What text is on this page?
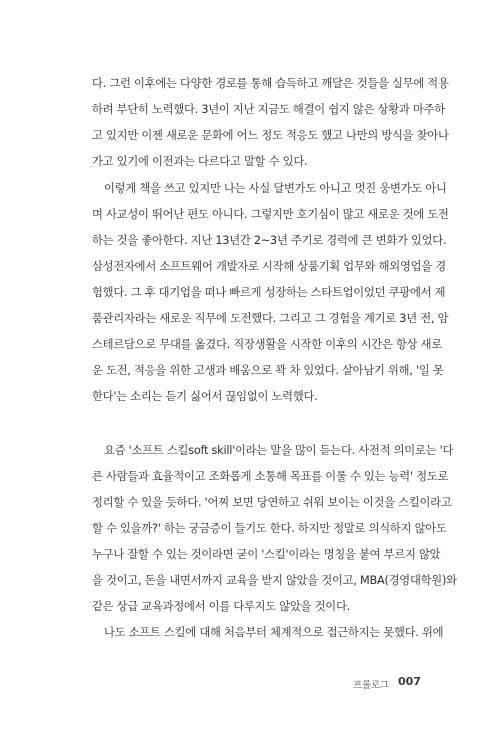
다. 그런 이후에는 다양한 경로를 통해 습득하고 깨달은 것들을 실무에 적용
하려 부단히 노력했다. 3년이 지난 지금도 해결이 쉽지 않은 상황과 마주하
고 있지만 이젠 새로운 문화에 어느 정도 적응도 했고 나만의 방식을 찾아나
가고 있기에 이전과는 다르다고 말할 수 있다.
이렇게 책을 쓰고 있지만 나는 사실 달변가도 아니고 멋진 웅변가도 아니
며 사교성이 뛰어난 편도 아니다. 그렇지만 호기심이 많고 새로운 것에 도전
하는 것을 좋아한다. 지난 13년간 2~3년 주기로 경력에 큰 변화가 있었다.
삼성전자에서 소프트웨어 개발자로 시작해 상품기획 업무와 해외영업을 경
험했다. 그 후 대기업을 떠나 빠르게 성장하는 스타트업이었던 쿠팡에서 제
품관리자라는 새로운 직무에 도전했다. 그리고 그 경험을 계기로 3년 전, 암
스테르담으로 무대를 옮겼다. 직장생활을 시작한 이후의 시간은 항상 새로
운 도전, 적응을 위한 고생과 배움으로 꽉 차 있었다. 살아남기 위해, '일 못
한다'는 소리는 듣기 싫어서 끊임없이 노력했다.
요즘 '소프트 스킬soft skill'이라는 말을 많이 듣는다. 사전적 의미로는 '다
른 사람들과 효율적이고 조화롭게 소통해 목표를 이룰 수 있는 능력' 정도로
정리할 수 있을 듯하다. '어찌 보면 당연하고 쉬워 보이는 이것을 스킬이라고
할 수 있을까?' 하는 궁금증이 들기도 한다. 하지만 정말로 의식하지 않아도
누구나 잘할 수 있는 것이라면 굳이 '스킬'이라는 명칭을 붙여 부르지 않았
을 것이고, 돈을 내면서까지 교육을 받지 않았을 것이고, MBA(경영대학원)와
같은 상급 교육과정에서 이를 다루지도 않았을 것이다.
나도 소프트 스킬에 대해 처음부터 체계적으로 접근하지는 못했다. 위에
프롤로그 007
